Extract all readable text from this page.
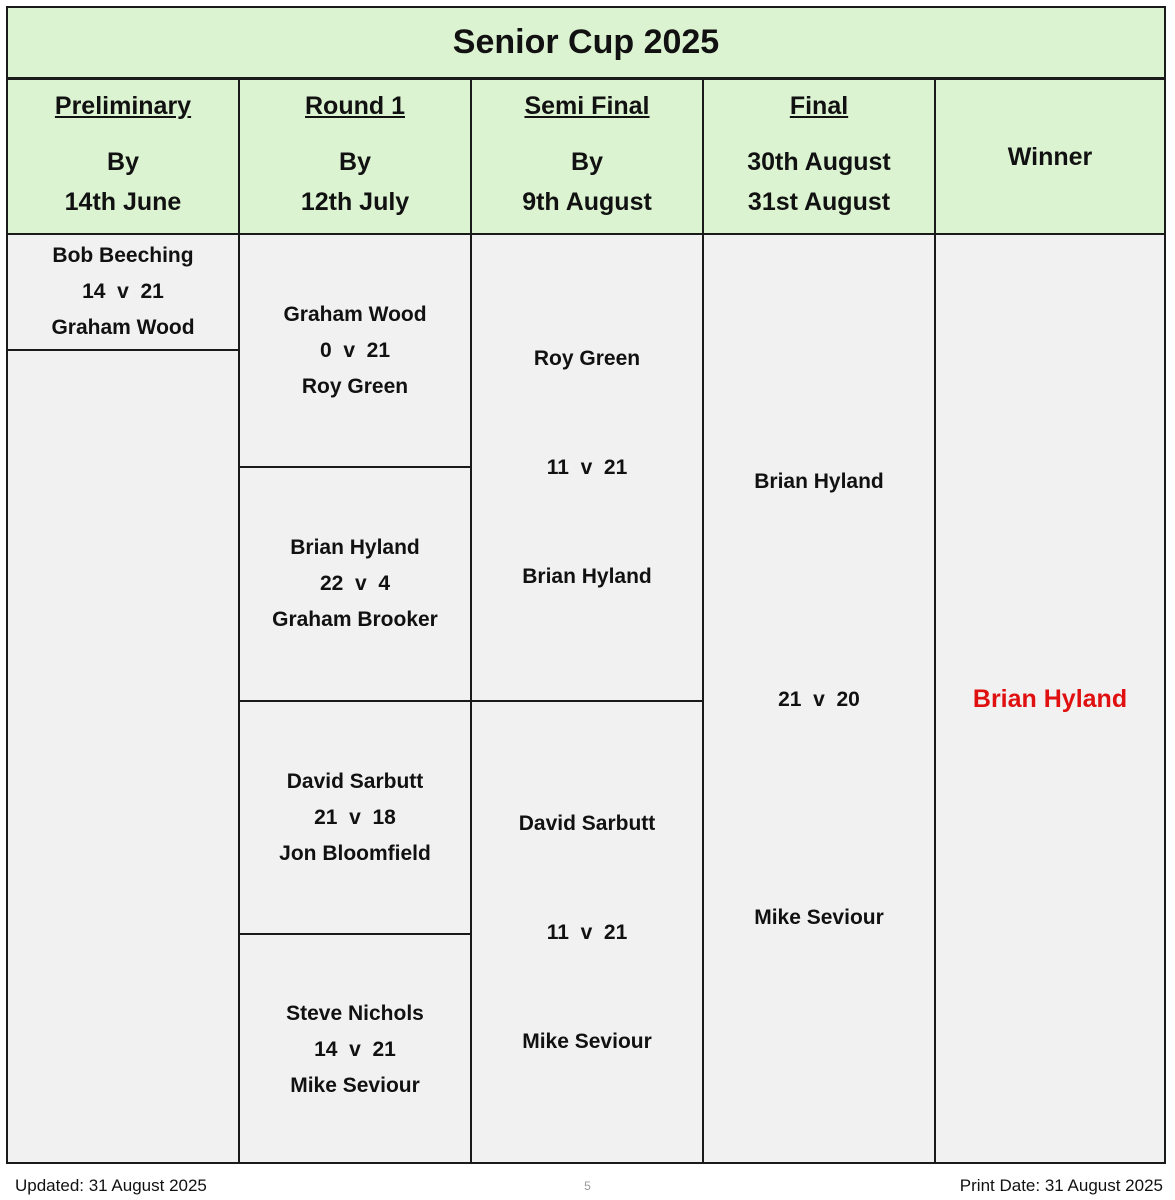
Senior Cup 2025
Preliminary
By
14th June
Round 1
By
12th July
Semi Final
By
9th August
Final
30th August
31st August
Winner
Bob Beeching
14  v  21
Graham Wood
Graham Wood
0  v  21
Roy Green
Brian Hyland
22  v  4
Graham Brooker
David Sarbutt
21  v  18
Jon Bloomfield
Steve Nichols
14  v  21
Mike Seviour
Roy Green
11  v  21
Brian Hyland
David Sarbutt
11  v  21
Mike Seviour
Brian Hyland
21  v  20
Mike Seviour
Brian Hyland
Updated: 31 August 2025	5	Print Date: 31 August 2025
